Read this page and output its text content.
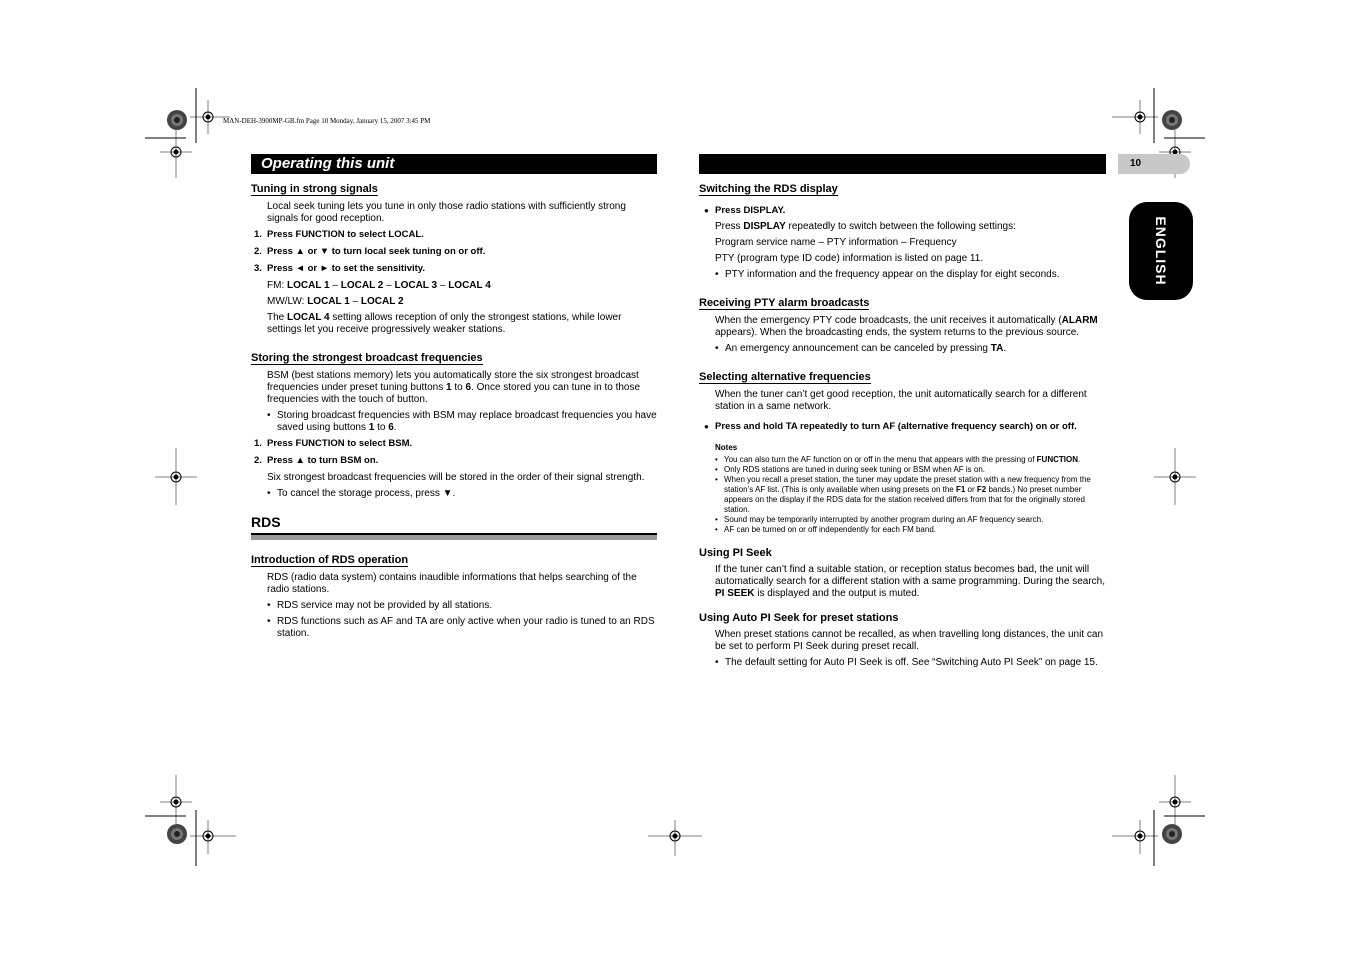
MAN-DEH-3900MP-GB.fm Page 10 Monday, January 15, 2007 3:45 PM
Operating this unit	10
ENGLISH
Tuning in strong signals
Local seek tuning lets you tune in only those radio stations with sufficiently strong signals for good reception.
1. Press FUNCTION to select LOCAL.
2. Press ▲ or ▼ to turn local seek tuning on or off.
3. Press ◄ or ► to set the sensitivity.
FM: LOCAL 1 – LOCAL 2 – LOCAL 3 – LOCAL 4
MW/LW: LOCAL 1 – LOCAL 2
The LOCAL 4 setting allows reception of only the strongest stations, while lower settings let you receive progressively weaker stations.
Storing the strongest broadcast frequencies
BSM (best stations memory) lets you automatically store the six strongest broadcast frequencies under preset tuning buttons 1 to 6. Once stored you can tune in to those frequencies with the touch of button.
• Storing broadcast frequencies with BSM may replace broadcast frequencies you have saved using buttons 1 to 6.
1. Press FUNCTION to select BSM.
2. Press ▲ to turn BSM on.
Six strongest broadcast frequencies will be stored in the order of their signal strength.
• To cancel the storage process, press ▼.
RDS
Introduction of RDS operation
RDS (radio data system) contains inaudible informations that helps searching of the radio stations.
• RDS service may not be provided by all stations.
• RDS functions such as AF and TA are only active when your radio is tuned to an RDS station.
Switching the RDS display
● Press DISPLAY.
Press DISPLAY repeatedly to switch between the following settings:
Program service name – PTY information – Frequency
PTY (program type ID code) information is listed on page 11.
• PTY information and the frequency appear on the display for eight seconds.
Receiving PTY alarm broadcasts
When the emergency PTY code broadcasts, the unit receives it automatically (ALARM appears). When the broadcasting ends, the system returns to the previous source.
• An emergency announcement can be canceled by pressing TA.
Selecting alternative frequencies
When the tuner can’t get good reception, the unit automatically search for a different station in a same network.
● Press and hold TA repeatedly to turn AF (alternative frequency search) on or off.
Notes
• You can also turn the AF function on or off in the menu that appears with the pressing of FUNCTION.
• Only RDS stations are tuned in during seek tuning or BSM when AF is on.
• When you recall a preset station, the tuner may update the preset station with a new frequency from the station’s AF list. (This is only available when using presets on the F1 or F2 bands.) No preset number appears on the display if the RDS data for the station received differs from that for the originally stored station.
• Sound may be temporarily interrupted by another program during an AF frequency search.
• AF can be turned on or off independently for each FM band.
Using PI Seek
If the tuner can’t find a suitable station, or reception status becomes bad, the unit will automatically search for a different station with a same programming. During the search, PI SEEK is displayed and the output is muted.
Using Auto PI Seek for preset stations
When preset stations cannot be recalled, as when travelling long distances, the unit can be set to perform PI Seek during preset recall.
• The default setting for Auto PI Seek is off. See “Switching Auto PI Seek” on page 15.
